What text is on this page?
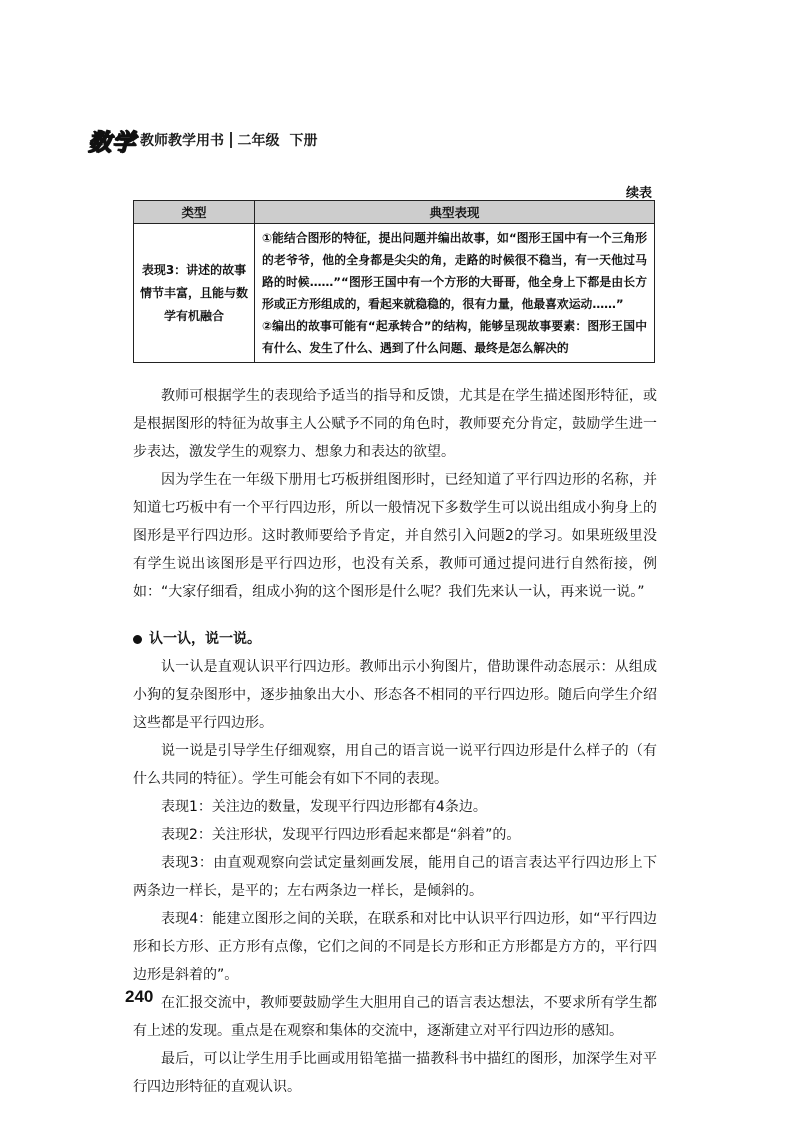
数学 教师教学用书 二年级 下册
续表
类型	典型表现
表现3：讲述的故事情节丰富，且能与数学有机融合	①能结合图形的特征，提出问题并编出故事，如“图形王国中有一个三角形的老爷爷，他的全身都是尖尖的角，走路的时候很不稳当，有一天他过马路的时候……”“图形王国中有一个方形的大哥哥，他全身上下都是由长方形或正方形组成的，看起来就稳稳的，很有力量，他最喜欢运动……”

②编出的故事可能有“起承转合”的结构，能够呈现故事要素：图形王国中有什么、发生了什么、遇到了什么问题、最终是怎么解决的

教师可根据学生的表现给予适当的指导和反馈，尤其是在学生描述图形特征，或是根据图形的特征为故事主人公赋予不同的角色时，教师要充分肯定，鼓励学生进一步表达，激发学生的观察力、想象力和表达的欲望。

因为学生在一年级下册用七巧板拼组图形时，已经知道了平行四边形的名称，并知道七巧板中有一个平行四边形，所以一般情况下多数学生可以说出组成小狗身上的图形是平行四边形。这时教师要给予肯定，并自然引入问题2的学习。如果班级里没有学生说出该图形是平行四边形，也没有关系，教师可通过提问进行自然衔接，例如：“大家仔细看，组成小狗的这个图形是什么呢？我们先来认一认，再来说一说。”

认一认，说一说。

认一认是直观认识平行四边形。教师出示小狗图片，借助课件动态展示：从组成小狗的复杂图形中，逐步抽象出大小、形态各不相同的平行四边形。随后向学生介绍这些都是平行四边形。

说一说是引导学生仔细观察，用自己的语言说一说平行四边形是什么样子的（有什么共同的特征）。学生可能会有如下不同的表现。

表现1：关注边的数量，发现平行四边形都有4条边。

表现2：关注形状，发现平行四边形看起来都是“斜着”的。

表现3：由直观观察向尝试定量刻画发展，能用自己的语言表达平行四边形上下两条边一样长，是平的；左右两条边一样长，是倾斜的。

表现4：能建立图形之间的关联，在联系和对比中认识平行四边形，如“平行四边形和长方形、正方形有点像，它们之间的不同是长方形和正方形都是方方的，平行四边形是斜着的”。

在汇报交流中，教师要鼓励学生大胆用自己的语言表达想法，不要求所有学生都有上述的发现。重点是在观察和集体的交流中，逐渐建立对平行四边形的感知。

最后，可以让学生用手比画或用铅笔描一描教科书中描红的图形，加深学生对平行四边形特征的直观认识。

240
